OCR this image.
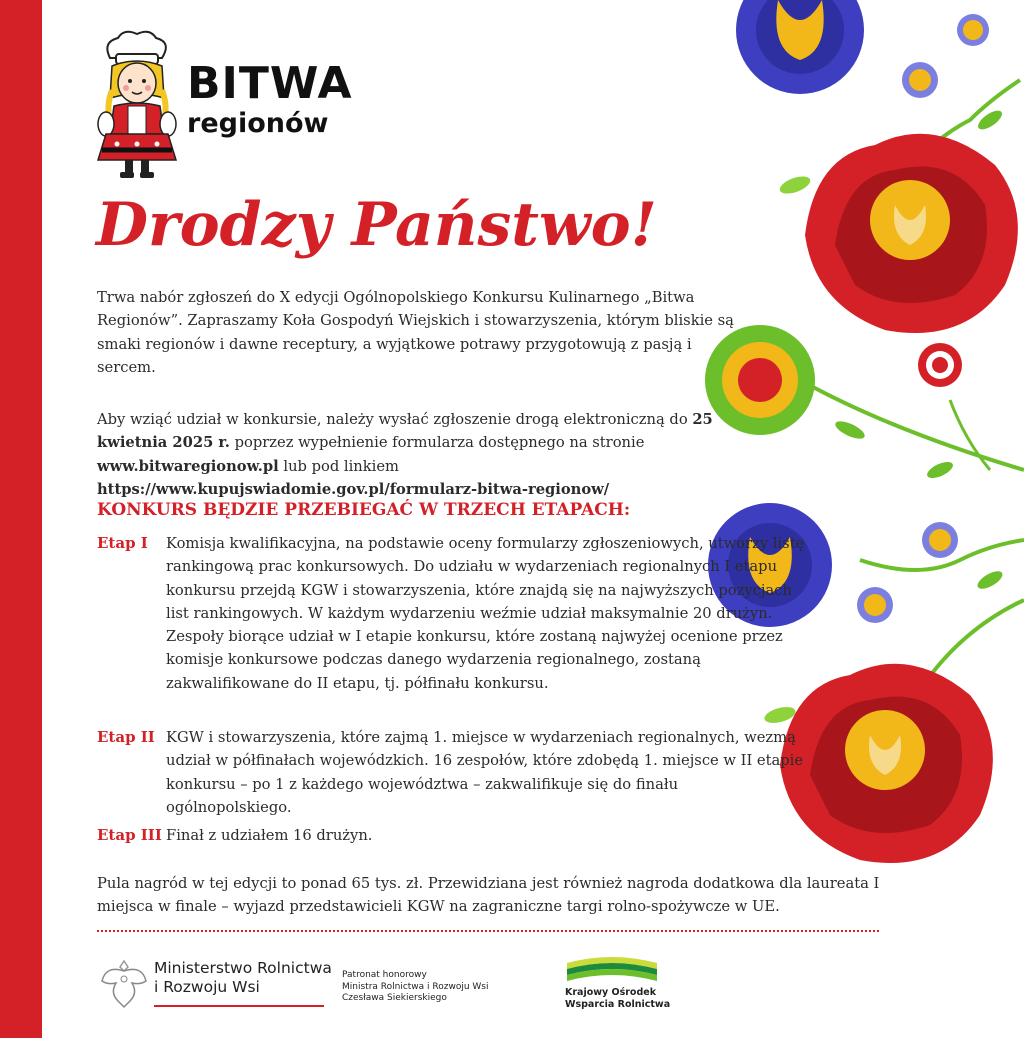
BITWA
regionów
Drodzy Państwo!

Trwa nabór zgłoszeń do X edycji Ogólnopolskiego Konkursu Kulinarnego „Bitwa Regionów”. Zapraszamy Koła Gospodyń Wiejskich i stowarzyszenia, którym bliskie są smaki regionów i dawne receptury, a wyjątkowe potrawy przygotowują z pasją i sercem.

Aby wziąć udział w konkursie, należy wysłać zgłoszenie drogą elektroniczną do 25 kwietnia 2025 r. poprzez wypełnienie formularza dostępnego na stronie www.bitwaregionow.pl lub pod linkiem https://www.kupujswiadomie.gov.pl/formularz-bitwa-regionow/

KONKURS BĘDZIE PRZEBIEGAĆ W TRZECH ETAPACH:
Etap I Komisja kwalifikacyjna, na podstawie oceny formularzy zgłoszeniowych, utworzy listę rankingową prac konkursowych. Do udziału w wydarzeniach regionalnych I etapu konkursu przejdą KGW i stowarzyszenia, które znajdą się na najwyższych pozycjach list rankingowych. W każdym wydarzeniu weźmie udział maksymalnie 20 drużyn. Zespoły biorące udział w I etapie konkursu, które zostaną najwyżej ocenione przez komisje konkursowe podczas danego wydarzenia regionalnego, zostaną zakwalifikowane do II etapu, tj. półfinału konkursu.

Etap II KGW i stowarzyszenia, które zajmą 1. miejsce w wydarzeniach regionalnych, wezmą udział w półfinałach wojewódzkich. 16 zespołów, które zdobędą 1. miejsce w II etapie konkursu – po 1 z każdego województwa – zakwalifikuje się do finału ogólnopolskiego.

Etap III Finał z udziałem 16 drużyn.

Pula nagród w tej edycji to ponad 65 tys. zł. Przewidziana jest również nagroda dodatkowa dla laureata I miejsca w finale – wyjazd przedstawicieli KGW na zagraniczne targi rolno-spożywcze w UE.

Ministerstwo Rolnictwa
i Rozwoju Wsi
Patronat honorowy
Ministra Rolnictwa i Rozwoju Wsi
Czesława Siekierskiego	Krajowy Ośrodek
Wsparcia Rolnictwa
